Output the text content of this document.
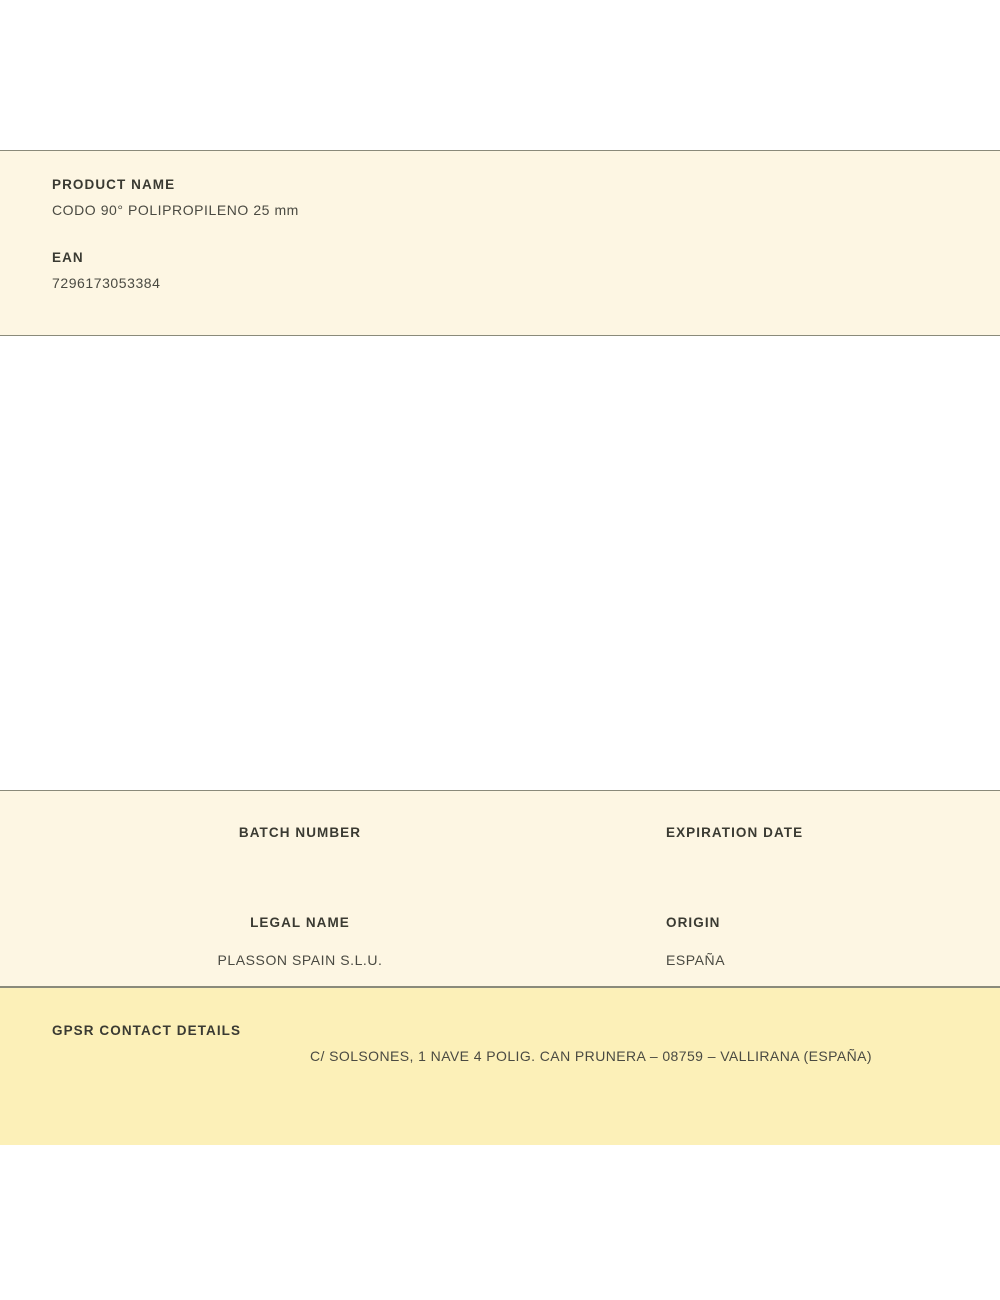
PRODUCT NAME
CODO 90° POLIPROPILENO 25 mm
EAN
7296173053384
BATCH NUMBER	EXPIRATION DATE
LEGAL NAME
PLASSON SPAIN S.L.U.
ORIGIN
ESPAÑA
GPSR CONTACT DETAILS
C/ SOLSONES, 1 NAVE 4 POLIG. CAN PRUNERA – 08759 – VALLIRANA (ESPAÑA)
